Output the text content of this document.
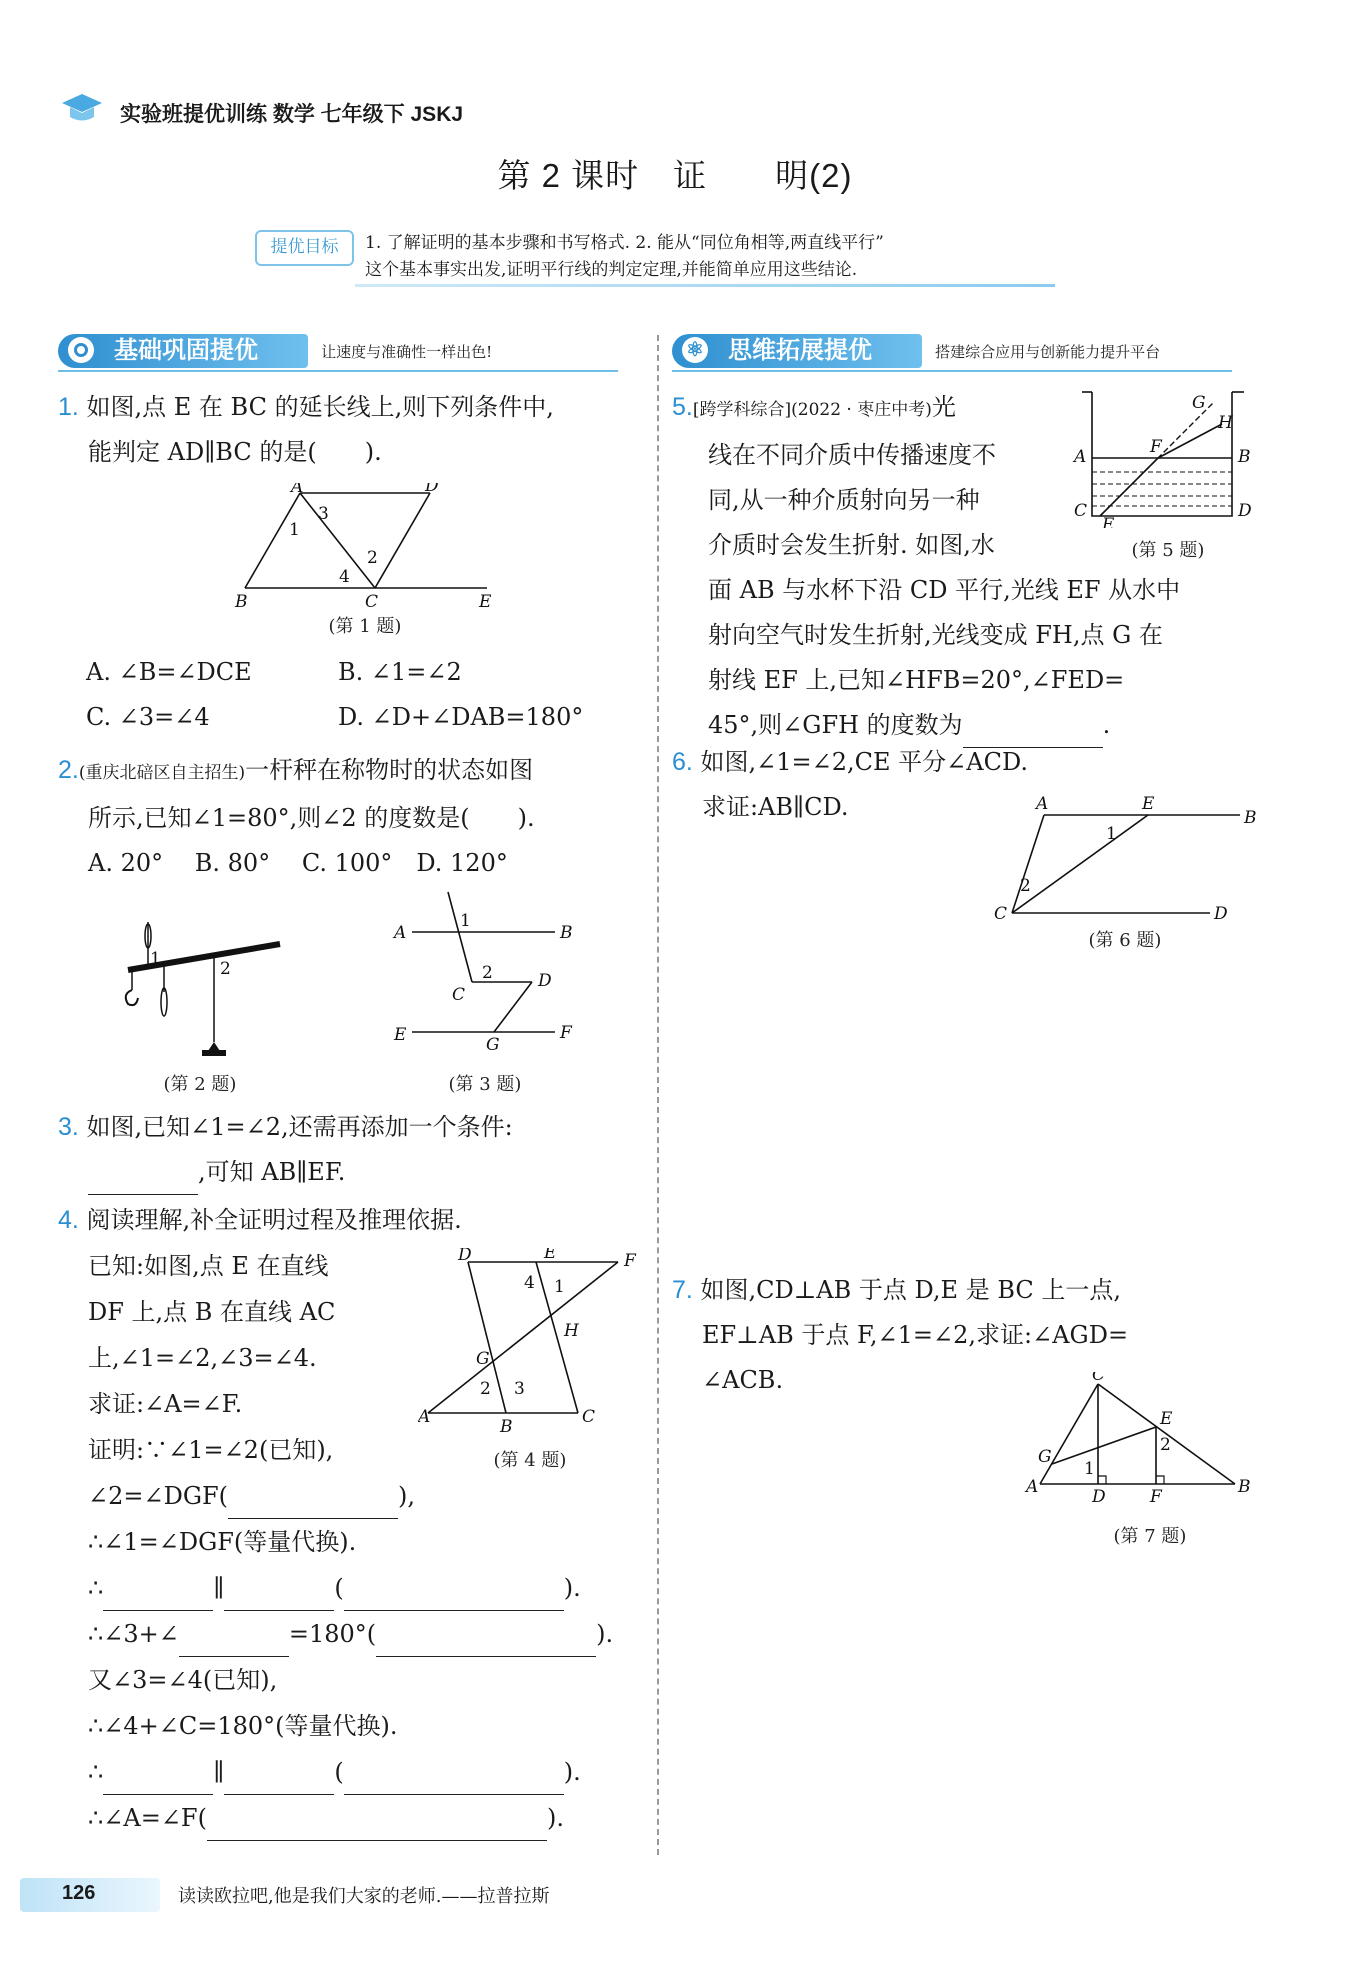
实验班提优训练 数学 七年级下 JSKJ
第 2 课时　证　　明(2)
提优目标	1. 了解证明的基本步骤和书写格式. 2. 能从“同位角相等,两直线平行”
这个基本事实出发,证明平行线的判定定理,并能简单应用这些结论.
基础巩固提优	让速度与准确性一样出色!	⚛ 思维拓展提优	搭建综合应用与创新能力提升平台
1. 如图,点 E 在 BC 的延长线上,则下列条件中,
能判定 AD∥BC 的是(　　).
A	D
B	C	E
1
3
2
4
(第 1 题)
A. ∠B=∠DCE	B. ∠1=∠2
C. ∠3=∠4	D. ∠D+∠DAB=180°
2.(重庆北碚区自主招生)一杆秤在称物时的状态如图
所示,已知∠1=80°,则∠2 的度数是(　　).
A. 20°　 B. 80°　 C. 100°　D. 120°
1	2
(第 2 题)
A	B
E	F
C
D
G
1
2
(第 3 题)
3. 如图,已知∠1=∠2,还需再添加一个条件:
,可知 AB∥EF.
4. 阅读理解,补全证明过程及推理依据.
已知:如图,点 E 在直线
DF 上,点 B 在直线 AC
上,∠1=∠2,∠3=∠4.
求证:∠A=∠F.
证明:∵∠1=∠2(已知),
∠2=∠DGF(	),
∴∠1=∠DGF(等量代换).
∴	∥	(	).
∴∠3+∠	=180°(	).
又∠3=∠4(已知),
∴∠4+∠C=180°(等量代换).
∴	∥	(	).
∴∠A=∠F(	).
D	E	F
A	B	C
G
H
4 1
2 3
(第 4 题)
5.[跨学科综合](2022 · 枣庄中考)光
线在不同介质中传播速度不
同,从一种介质射向另一种
介质时会发生折射. 如图,水
面 AB 与水杯下沿 CD 平行,光线 EF 从水中
射向空气时发生折射,光线变成 FH,点 G 在
射线 EF 上,已知∠HFB=20°,∠FED=
45°,则∠GFH 的度数为	.
A	B
C	D
E
F
G
H
(第 5 题)
6. 如图,∠1=∠2,CE 平分∠ACD.
求证:AB∥CD.	A	E
B
C	D
1
2
(第 6 题)
7. 如图,CD⊥AB 于点 D,E 是 BC 上一点,
EF⊥AB 于点 F,∠1=∠2,求证:∠AGD=
∠ACB.	C
A	B
D	F
G
E
1
2
(第 7 题)
126	读读欧拉吧,他是我们大家的老师.——拉普拉斯
